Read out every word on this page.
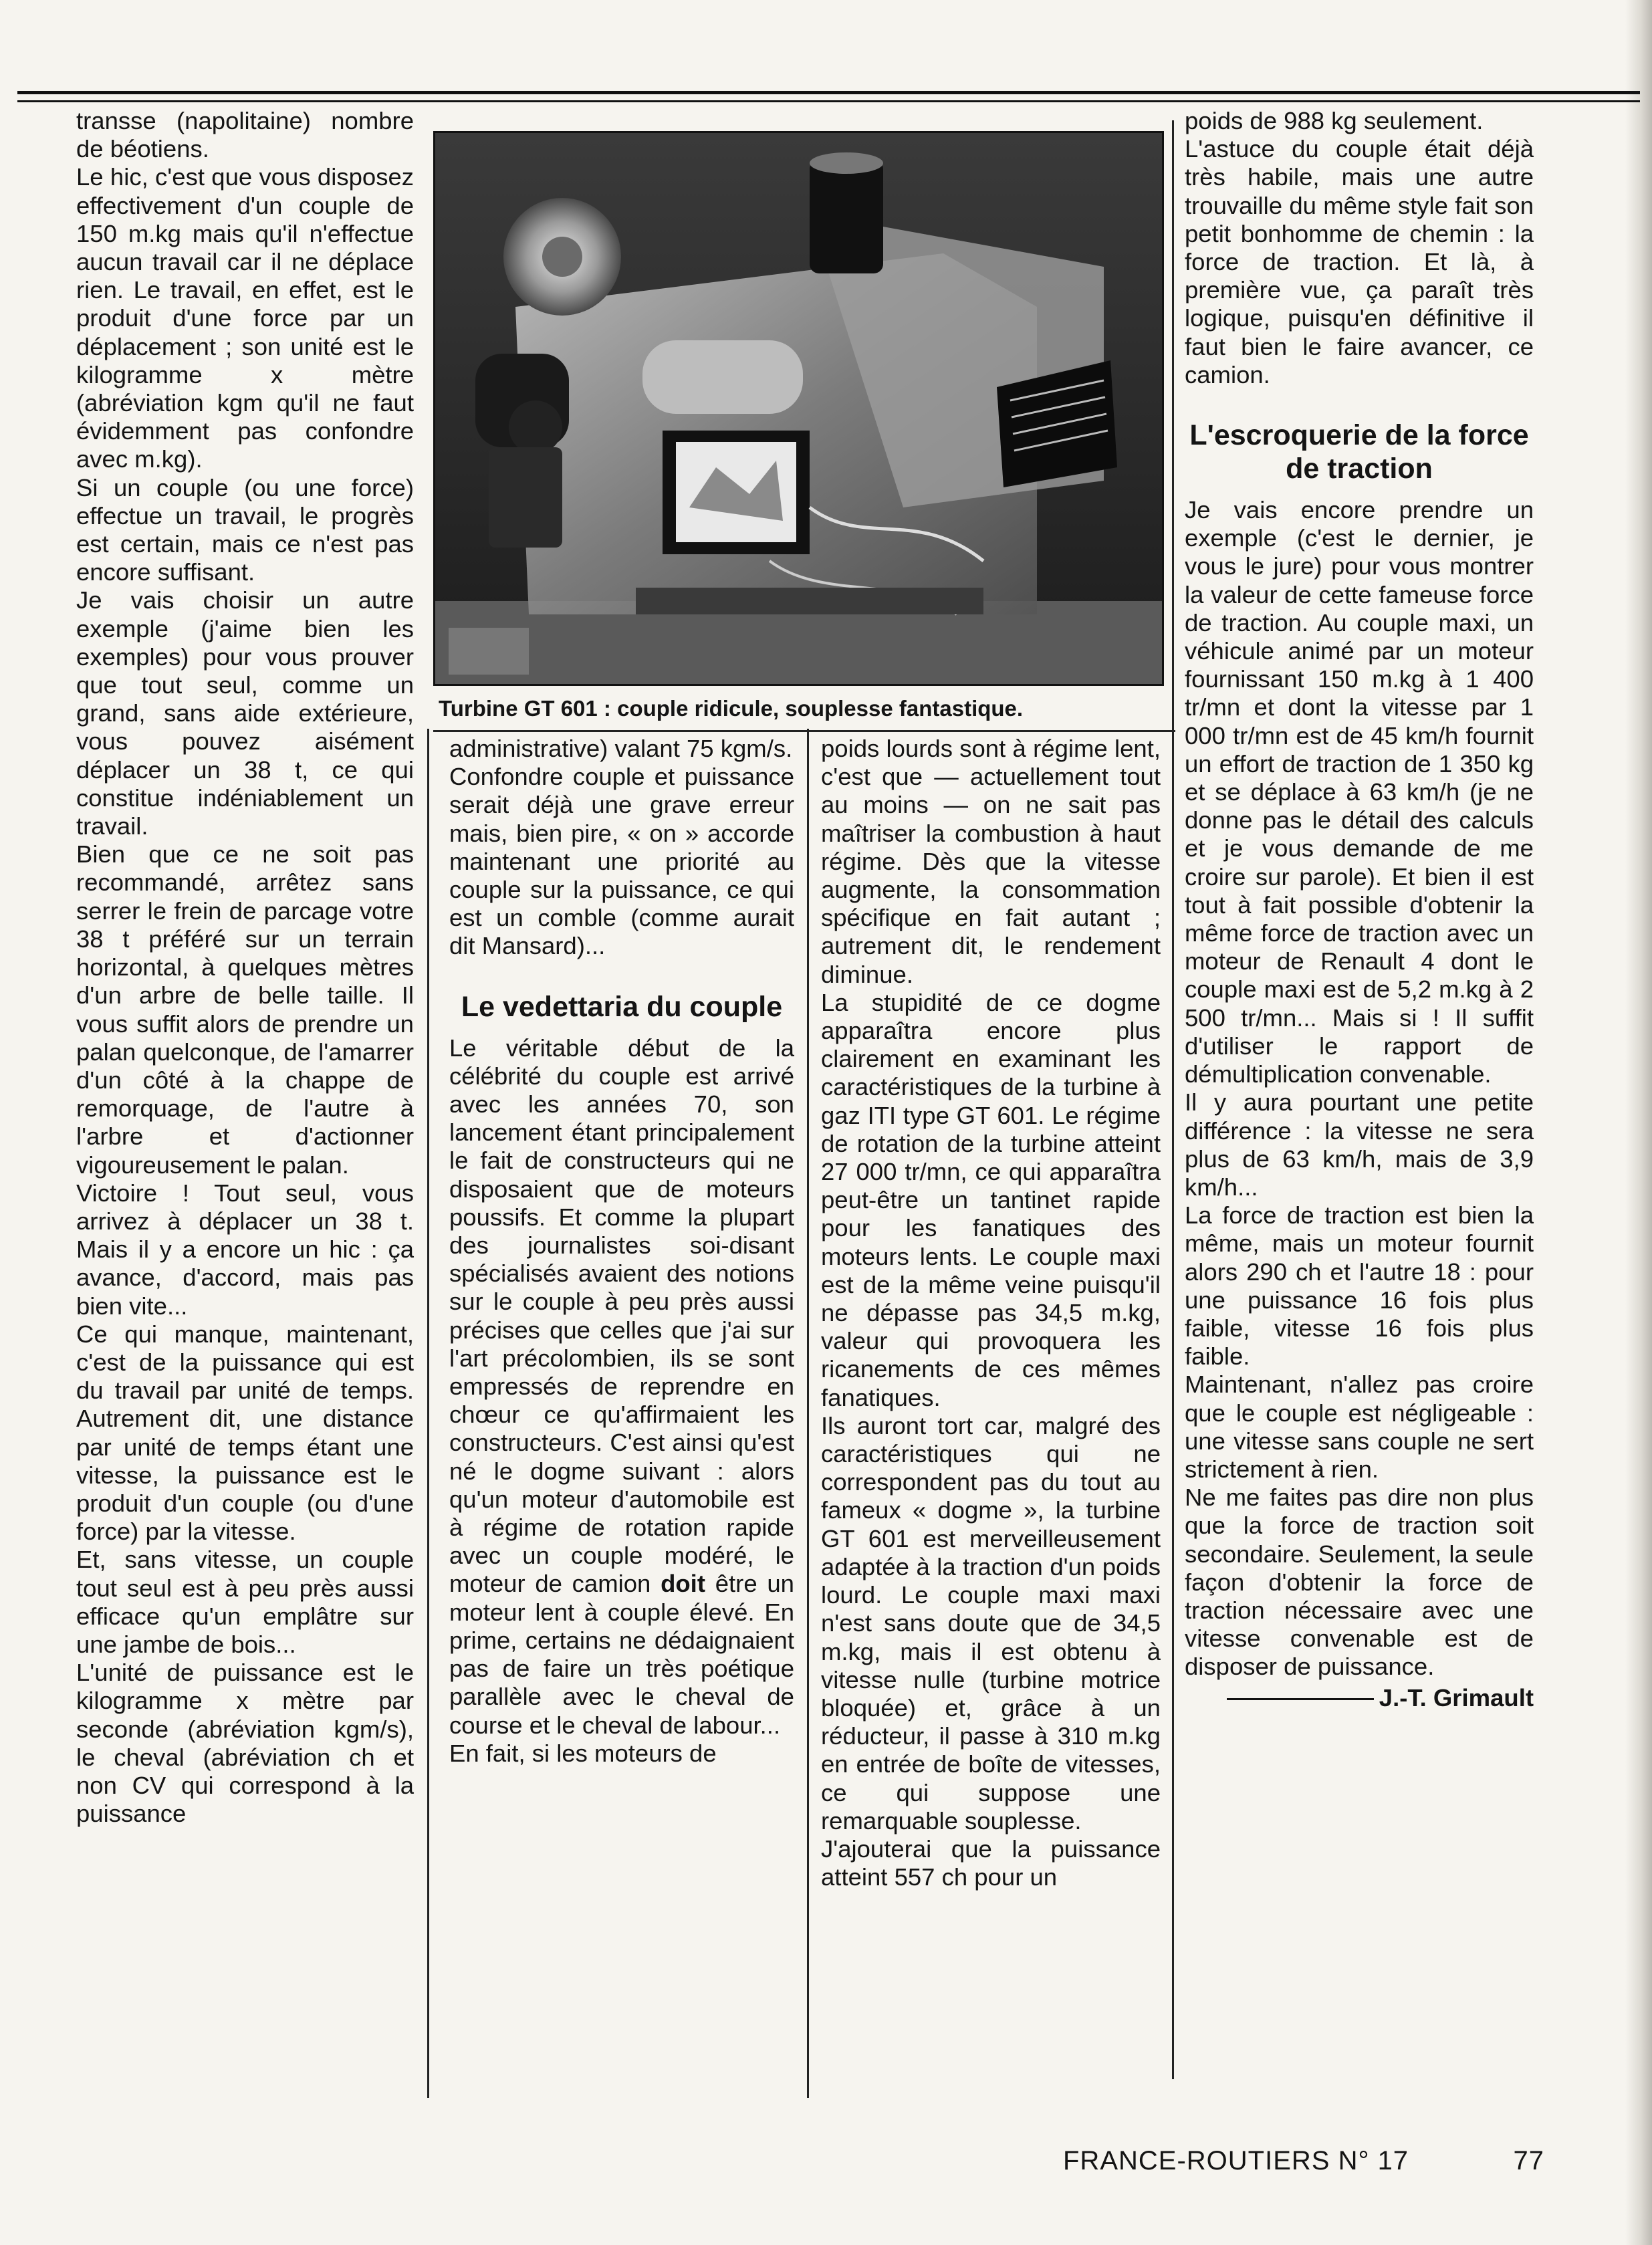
transse (napolitaine) nombre de béotiens.

Le hic, c'est que vous disposez effectivement d'un couple de 150 m.kg mais qu'il n'effectue aucun travail car il ne déplace rien. Le travail, en effet, est le produit d'une force par un déplacement ; son unité est le kilogramme x mètre (abréviation kgm qu'il ne faut évidemment pas confondre avec m.kg).

Si un couple (ou une force) effectue un travail, le progrès est certain, mais ce n'est pas encore suffisant.

Je vais choisir un autre exemple (j'aime bien les exemples) pour vous prouver que tout seul, comme un grand, sans aide extérieure, vous pouvez aisément déplacer un 38 t, ce qui constitue indéniablement un travail.

Bien que ce ne soit pas recommandé, arrêtez sans serrer le frein de parcage votre 38 t préféré sur un terrain horizontal, à quelques mètres d'un arbre de belle taille. Il vous suffit alors de prendre un palan quelconque, de l'amarrer d'un côté à la chappe de remorquage, de l'autre à l'arbre et d'actionner vigoureusement le palan.

Victoire ! Tout seul, vous arrivez à déplacer un 38 t. Mais il y a encore un hic : ça avance, d'accord, mais pas bien vite...

Ce qui manque, maintenant, c'est de la puissance qui est du travail par unité de temps. Autrement dit, une distance par unité de temps étant une vitesse, la puissance est le produit d'un couple (ou d'une force) par la vitesse.

Et, sans vitesse, un couple tout seul est à peu près aussi efficace qu'un emplâtre sur une jambe de bois...

L'unité de puissance est le kilogramme x mètre par seconde (abréviation kgm/s), le cheval (abréviation ch et non CV qui correspond à la puissance

Turbine GT 601 : couple ridicule, souplesse fantastique.

administrative) valant 75 kgm/s.

Confondre couple et puissance serait déjà une grave erreur mais, bien pire, « on » accorde maintenant une priorité au couple sur la puissance, ce qui est un comble (comme aurait dit Mansard)...

Le vedettaria du couple

Le véritable début de la célébrité du couple est arrivé avec les années 70, son lancement étant principalement le fait de constructeurs qui ne disposaient que de moteurs poussifs. Et comme la plupart des journalistes soi-disant spécialisés avaient des notions sur le couple à peu près aussi précises que celles que j'ai sur l'art précolombien, ils se sont empressés de reprendre en chœur ce qu'affirmaient les constructeurs. C'est ainsi qu'est né le dogme suivant : alors qu'un moteur d'automobile est à régime de rotation rapide avec un couple modéré, le moteur de camion doit être un moteur lent à couple élevé. En prime, certains ne dédaignaient pas de faire un très poétique parallèle avec le cheval de course et le cheval de labour...

En fait, si les moteurs de

poids lourds sont à régime lent, c'est que — actuellement tout au moins — on ne sait pas maîtriser la combustion à haut régime. Dès que la vitesse augmente, la consommation spécifique en fait autant ; autrement dit, le rendement diminue.

La stupidité de ce dogme apparaîtra encore plus clairement en examinant les caractéristiques de la turbine à gaz ITI type GT 601. Le régime de rotation de la turbine atteint 27 000 tr/mn, ce qui apparaîtra peut-être un tantinet rapide pour les fanatiques des moteurs lents. Le couple maxi est de la même veine puisqu'il ne dépasse pas 34,5 m.kg, valeur qui provoquera les ricanements de ces mêmes fanatiques.

Ils auront tort car, malgré des caractéristiques qui ne correspondent pas du tout au fameux « dogme », la turbine GT 601 est merveilleusement adaptée à la traction d'un poids lourd. Le couple maxi maxi n'est sans doute que de 34,5 m.kg, mais il est obtenu à vitesse nulle (turbine motrice bloquée) et, grâce à un réducteur, il passe à 310 m.kg en entrée de boîte de vitesses, ce qui suppose une remarquable souplesse.

J'ajouterai que la puissance atteint 557 ch pour un

poids de 988 kg seulement.

L'astuce du couple était déjà très habile, mais une autre trouvaille du même style fait son petit bonhomme de chemin : la force de traction. Et là, à première vue, ça paraît très logique, puisqu'en définitive il faut bien le faire avancer, ce camion.

L'escroquerie de la force de traction

Je vais encore prendre un exemple (c'est le dernier, je vous le jure) pour vous montrer la valeur de cette fameuse force de traction. Au couple maxi, un véhicule animé par un moteur fournissant 150 m.kg à 1 400 tr/mn et dont la vitesse par 1 000 tr/mn est de 45 km/h fournit un effort de traction de 1 350 kg et se déplace à 63 km/h (je ne donne pas le détail des calculs et je vous demande de me croire sur parole). Et bien il est tout à fait possible d'obtenir la même force de traction avec un moteur de Renault 4 dont le couple maxi est de 5,2 m.kg à 2 500 tr/mn... Mais si ! Il suffit d'utiliser le rapport de démultiplication convenable.

Il y aura pourtant une petite différence : la vitesse ne sera plus de 63 km/h, mais de 3,9 km/h...

La force de traction est bien la même, mais un moteur fournit alors 290 ch et l'autre 18 : pour une puissance 16 fois plus faible, vitesse 16 fois plus faible.

Maintenant, n'allez pas croire que le couple est négligeable : une vitesse sans couple ne sert strictement à rien.

Ne me faites pas dire non plus que la force de traction soit secondaire. Seulement, la seule façon d'obtenir la force de traction nécessaire avec une vitesse convenable est de disposer de puissance.

J.-T. Grimault
FRANCE-ROUTIERS N° 17	77
